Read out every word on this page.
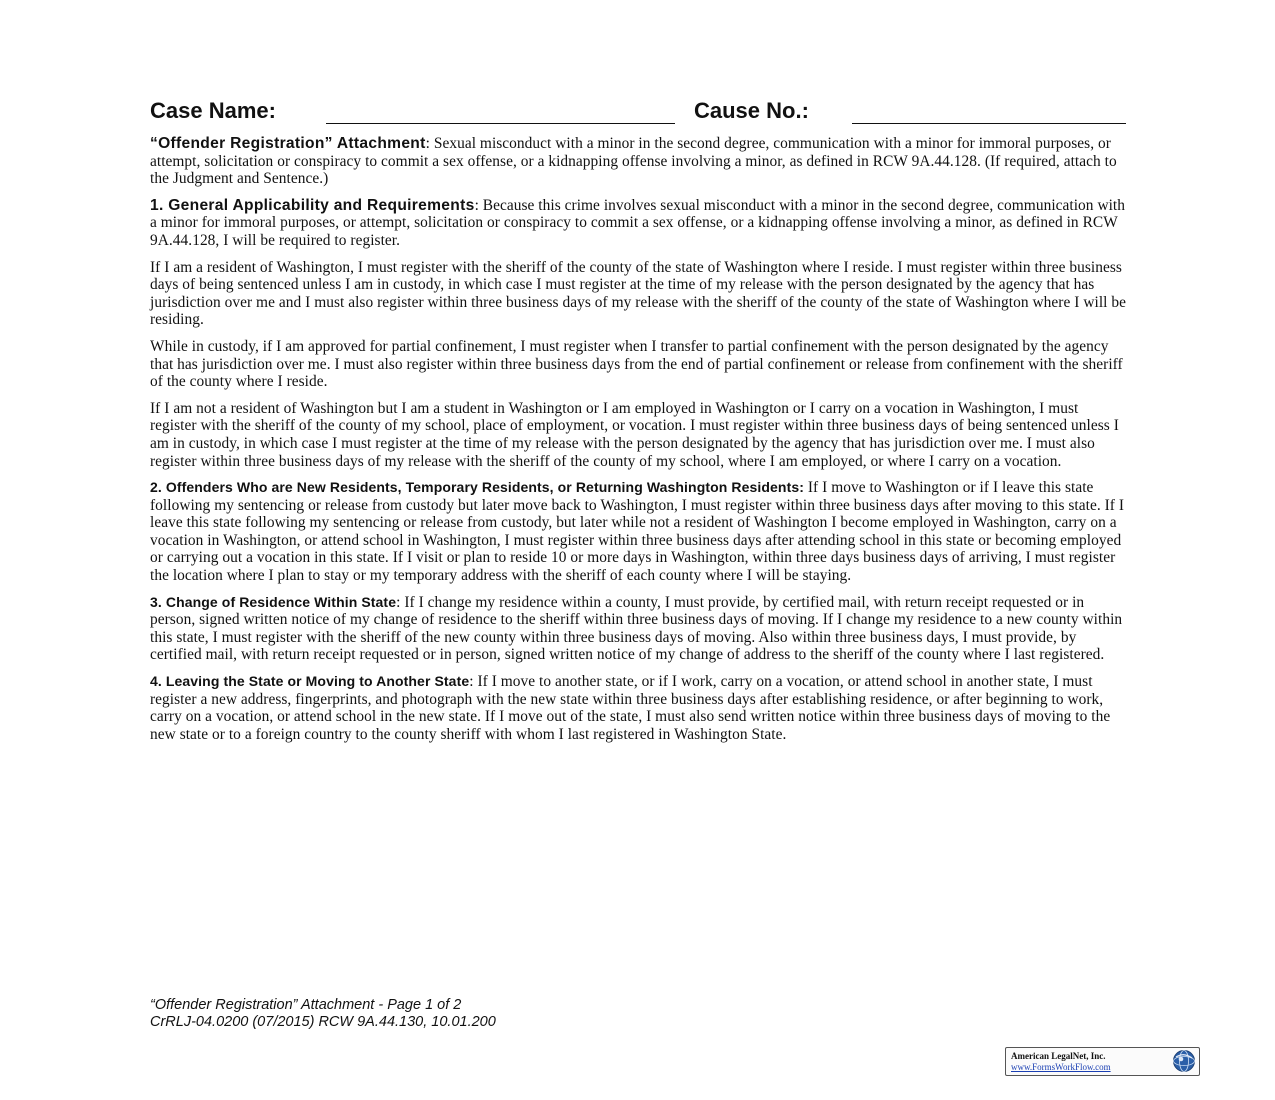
Case Name:	Cause No.:

“Offender Registration” Attachment: Sexual misconduct with a minor in the second degree, communication with a minor for immoral purposes, or attempt, solicitation or conspiracy to commit a sex offense, or a kidnapping offense involving a minor, as defined in RCW 9A.44.128. (If required, attach to the Judgment and Sentence.)

1. General Applicability and Requirements: Because this crime involves sexual misconduct with a minor in the second degree, communication with a minor for immoral purposes, or attempt, solicitation or conspiracy to commit a sex offense, or a kidnapping offense involving a minor, as defined in RCW 9A.44.128, I will be required to register.

If I am a resident of Washington, I must register with the sheriff of the county of the state of Washington where I reside. I must register within three business days of being sentenced unless I am in custody, in which case I must register at the time of my release with the person designated by the agency that has jurisdiction over me and I must also register within three business days of my release with the sheriff of the county of the state of Washington where I will be residing.

While in custody, if I am approved for partial confinement, I must register when I transfer to partial confinement with the person designated by the agency that has jurisdiction over me. I must also register within three business days from the end of partial confinement or release from confinement with the sheriff of the county where I reside.

If I am not a resident of Washington but I am a student in Washington or I am employed in Washington or I carry on a vocation in Washington, I must register with the sheriff of the county of my school, place of employment, or vocation. I must register within three business days of being sentenced unless I am in custody, in which case I must register at the time of my release with the person designated by the agency that has jurisdiction over me. I must also register within three business days of my release with the sheriff of the county of my school, where I am employed, or where I carry on a vocation.

2. Offenders Who are New Residents, Temporary Residents, or Returning Washington Residents: If I move to Washington or if I leave this state following my sentencing or release from custody but later move back to Washington, I must register within three business days after moving to this state. If I leave this state following my sentencing or release from custody, but later while not a resident of Washington I become employed in Washington, carry on a vocation in Washington, or attend school in Washington, I must register within three business days after attending school in this state or becoming employed or carrying out a vocation in this state. If I visit or plan to reside 10 or more days in Washington, within three days business days of arriving, I must register the location where I plan to stay or my temporary address with the sheriff of each county where I will be staying.

3. Change of Residence Within State: If I change my residence within a county, I must provide, by certified mail, with return receipt requested or in person, signed written notice of my change of residence to the sheriff within three business days of moving. If I change my residence to a new county within this state, I must register with the sheriff of the new county within three business days of moving. Also within three business days, I must provide, by certified mail, with return receipt requested or in person, signed written notice of my change of address to the sheriff of the county where I last registered.

4. Leaving the State or Moving to Another State: If I move to another state, or if I work, carry on a vocation, or attend school in another state, I must register a new address, fingerprints, and photograph with the new state within three business days after establishing residence, or after beginning to work, carry on a vocation, or attend school in the new state. If I move out of the state, I must also send written notice within three business days of moving to the new state or to a foreign country to the county sheriff with whom I last registered in Washington State.

“Offender Registration” Attachment - Page 1 of 2
CrRLJ-04.0200 (07/2015) RCW 9A.44.130, 10.01.200
American LegalNet, Inc.
www.FormsWorkFlow.com
